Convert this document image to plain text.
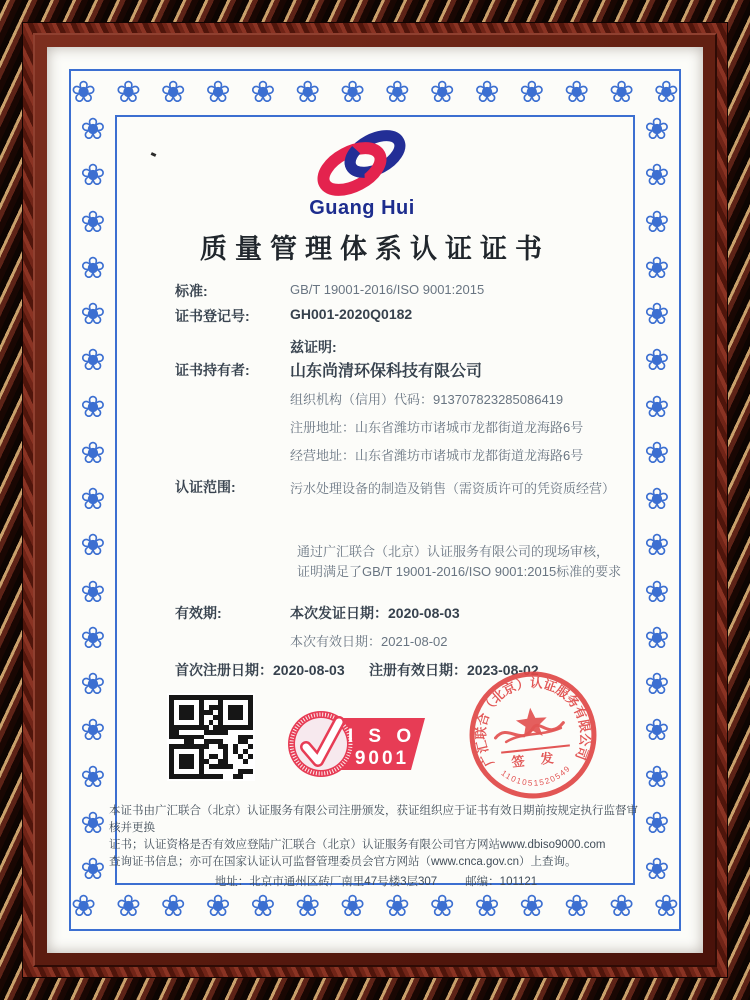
❀ ❀ ❀ ❀ ❀ ❀ ❀ ❀ ❀ ❀ ❀ ❀ ❀ ❀
❀ ❀ ❀ ❀ ❀ ❀ ❀ ❀ ❀ ❀ ❀ ❀ ❀ ❀
❀
❀
❀
❀
❀
❀
❀
❀
❀
❀
❀
❀
❀
❀
❀
❀
❀
❀
❀
❀
❀
❀
❀
❀
❀
❀
❀
❀
❀
❀
❀
❀
❀
❀
Guang Hui
质量管理体系认证证书
标准:	GB/T 19001-2016/ISO 9001:2015
证书登记号:	GH001-2020Q0182
兹证明:
证书持有者:	山东尚清环保科技有限公司
组织机构（信用）代码：913707823285086419
注册地址：山东省潍坊市诸城市龙都街道龙海路6号
经营地址：山东省潍坊市诸城市龙都街道龙海路6号
认证范围:	污水处理设备的制造及销售（需资质许可的凭资质经营）
通过广汇联合（北京）认证服务有限公司的现场审核，
证明满足了GB/T 19001-2016/ISO 9001:2015标准的要求
有效期:	本次发证日期：2020-08-03
本次有效日期：2021-08-02
首次注册日期：2020-08-03 注册有效日期：2023-08-02
I S O
9001	广汇联合（北京）认证服务有限公司
签 发
1101051520549
本证书由广汇联合（北京）认证服务有限公司注册颁发，获证组织应于证书有效日期前按规定执行监督审核并更换
证书；认证资格是否有效应登陆广汇联合（北京）认证服务有限公司官方网站www.dbiso9000.com
查询证书信息；亦可在国家认证认可监督管理委员会官方网站（www.cnca.gov.cn）上查询。
地址：北京市通州区砖厂南里47号楼3层307 邮编：101121
